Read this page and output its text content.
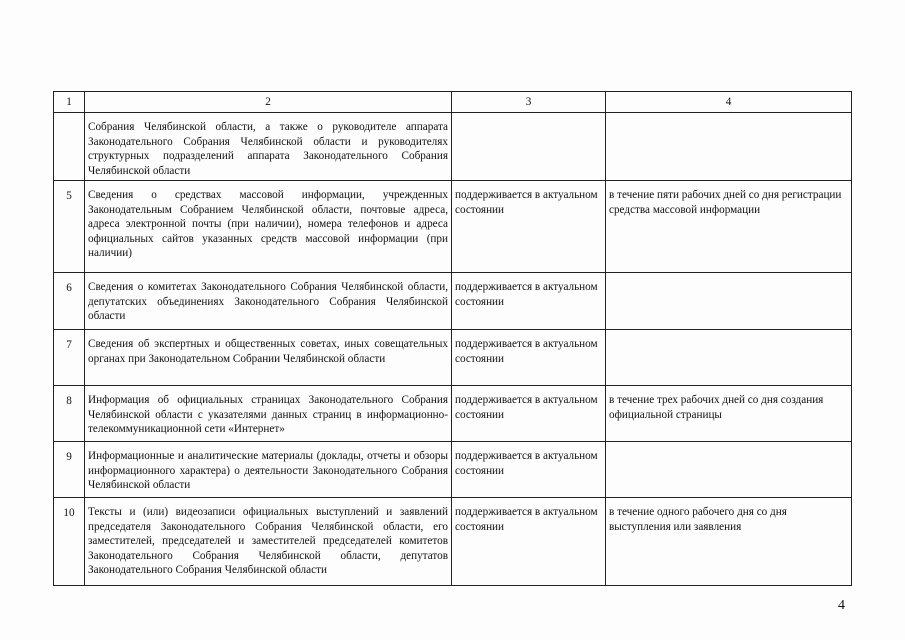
1	2	3	4
	Собрания Челябинской области, а также о руководителе аппарата Законодательного Собрания Челябинской области и руководителях структурных подразделений аппарата Законодательного Собрания Челябинской области		
5	Сведения о средствах массовой информации, учрежденных Законодательным Собранием Челябинской области, почтовые адреса, адреса электронной почты (при наличии), номера телефонов и адреса официальных сайтов указанных средств массовой информации (при наличии)	поддерживается в актуальном состоянии	в течение пяти рабочих дней со дня регистрации средства массовой информации
6	Сведения о комитетах Законодательного Собрания Челябинской области, депутатских объединениях Законодательного Собрания Челябинской области	поддерживается в актуальном состоянии	
7	Сведения об экспертных и общественных советах, иных совещательных органах при Законодательном Собрании Челябинской области	поддерживается в актуальном состоянии	
8	Информация об официальных страницах Законодательного Собрания Челябинской области с указателями данных страниц в информационно-телекоммуникационной сети «Интернет»	поддерживается в актуальном состоянии	в течение трех рабочих дней со дня создания официальной страницы
9	Информационные и аналитические материалы (доклады, отчеты и обзоры информационного характера) о деятельности Законодательного Собрания Челябинской области	поддерживается в актуальном состоянии	
10	Тексты и (или) видеозаписи официальных выступлений и заявлений председателя Законодательного Собрания Челябинской области, его заместителей, председателей и заместителей председателей комитетов Законодательного Собрания Челябинской области, депутатов Законодательного Собрания Челябинской области	поддерживается в актуальном состоянии	в течение одного рабочего дня со дня выступления или заявления
4
